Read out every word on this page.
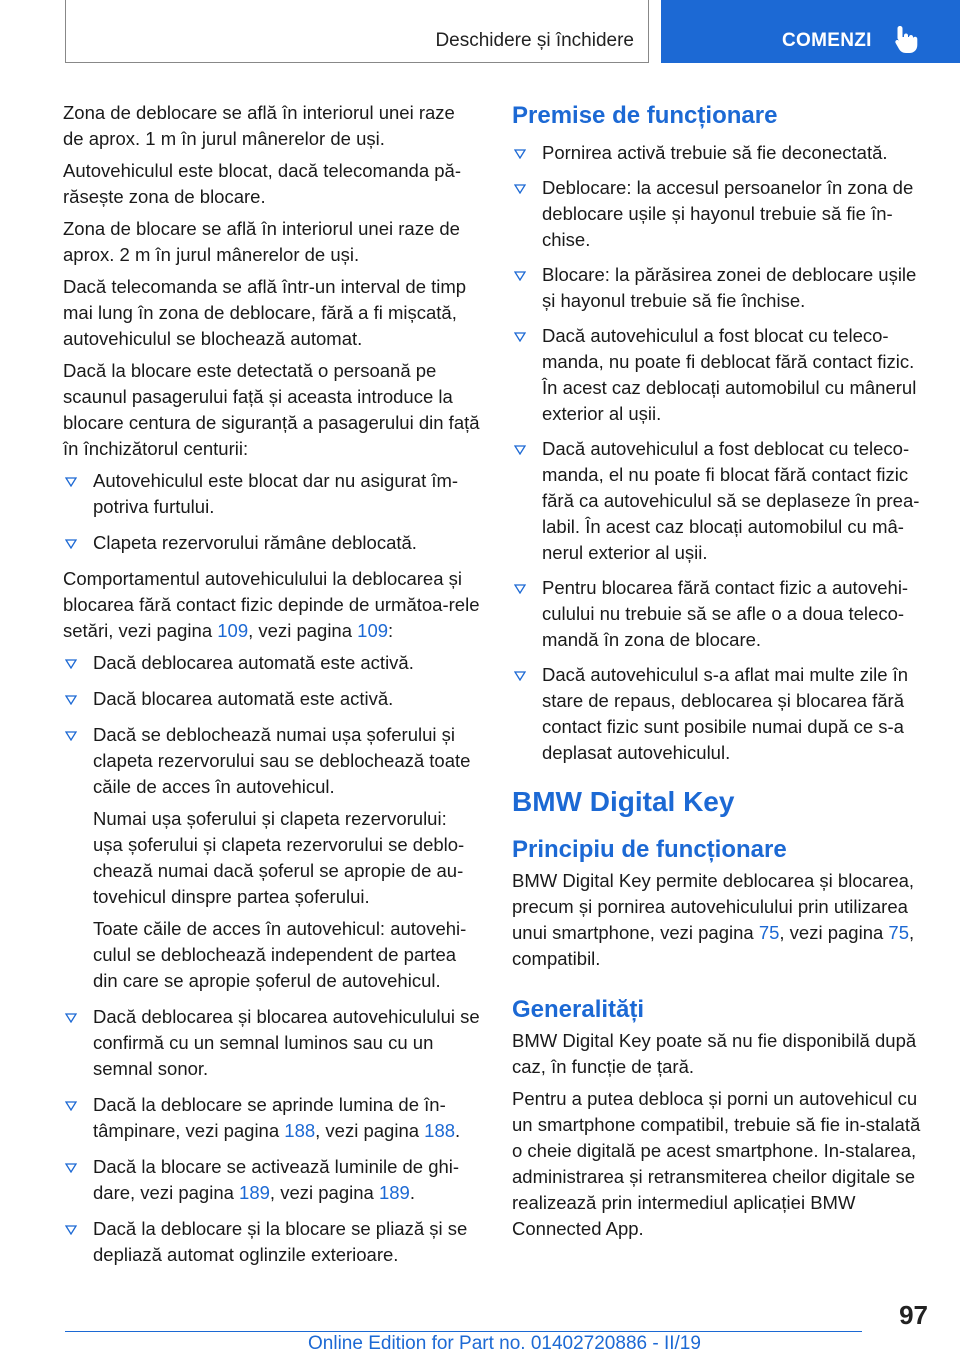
Deschidere și închidere	COMENZI

Zona de deblocare se află în interiorul unei raze de aprox. 1 m în jurul mânerelor de uși.

Autovehiculul este blocat, dacă telecomanda pă‐răsește zona de blocare.

Zona de blocare se află în interiorul unei raze de aprox. 2 m în jurul mânerelor de uși.

Dacă telecomanda se află într-un interval de timp mai lung în zona de deblocare, fără a fi mișcată, autovehiculul se blochează automat.

Dacă la blocare este detectată o persoană pe scaunul pasagerului față și aceasta introduce la blocare centura de siguranță a pasagerului din față în închizătorul centurii:

Autovehiculul este blocat dar nu asigurat îm‐potriva furtului.
Clapeta rezervorului rămâne deblocată.

Comportamentul autovehiculului la deblocarea și blocarea fără contact fizic depinde de următoa‐rele setări, vezi pagina 109, vezi pagina 109:

Dacă deblocarea automată este activă.
Dacă blocarea automată este activă.
Dacă se deblochează numai ușa șoferului și clapeta rezervorului sau se deblochează toate căile de acces în autovehicul.

Numai ușa șoferului și clapeta rezervorului: ușa șoferului și clapeta rezervorului se deblo‐chează numai dacă șoferul se apropie de au‐tovehicul dinspre partea șoferului.

Toate căile de acces în autovehicul: autovehi‐culul se deblochează independent de partea din care se apropie șoferul de autovehicul.

Dacă deblocarea și blocarea autovehiculului se confirmă cu un semnal luminos sau cu un semnal sonor.
Dacă la deblocare se aprinde lumina de în‐tâmpinare, vezi pagina 188, vezi pagina 188.
Dacă la blocare se activează luminile de ghi‐dare, vezi pagina 189, vezi pagina 189.
Dacă la deblocare și la blocare se pliază și se depliază automat oglinzile exterioare.
Premise de funcționare
Pornirea activă trebuie să fie deconectată.
Deblocare: la accesul persoanelor în zona de deblocare ușile și hayonul trebuie să fie în‐chise.
Blocare: la părăsirea zonei de deblocare ușile și hayonul trebuie să fie închise.
Dacă autovehiculul a fost blocat cu teleco‐manda, nu poate fi deblocat fără contact fizic. În acest caz deblocați automobilul cu mânerul exterior al ușii.
Dacă autovehiculul a fost deblocat cu teleco‐manda, el nu poate fi blocat fără contact fizic fără ca autovehiculul să se deplaseze în prea‐labil. În acest caz blocați automobilul cu mâ‐nerul exterior al ușii.
Pentru blocarea fără contact fizic a autovehi‐culului nu trebuie să se afle o a doua teleco‐mandă în zona de blocare.
Dacă autovehiculul s-a aflat mai multe zile în stare de repaus, deblocarea și blocarea fără contact fizic sunt posibile numai după ce s-a deplasat autovehiculul.
BMW Digital Key
Principiu de funcționare

BMW Digital Key permite deblocarea și blocarea, precum și pornirea autovehiculului prin utilizarea unui smartphone, vezi pagina 75, vezi pagina 75, compatibil.

Generalități

BMW Digital Key poate să nu fie disponibilă după caz, în funcție de țară.

Pentru a putea debloca și porni un autovehicul cu un smartphone compatibil, trebuie să fie in‐stalată o cheie digitală pe acest smartphone. In‐stalarea, administrarea și retransmiterea cheilor digitale se realizează prin intermediul aplicației BMW Connected App.

97
Online Edition for Part no. 01402720886 - II/19
